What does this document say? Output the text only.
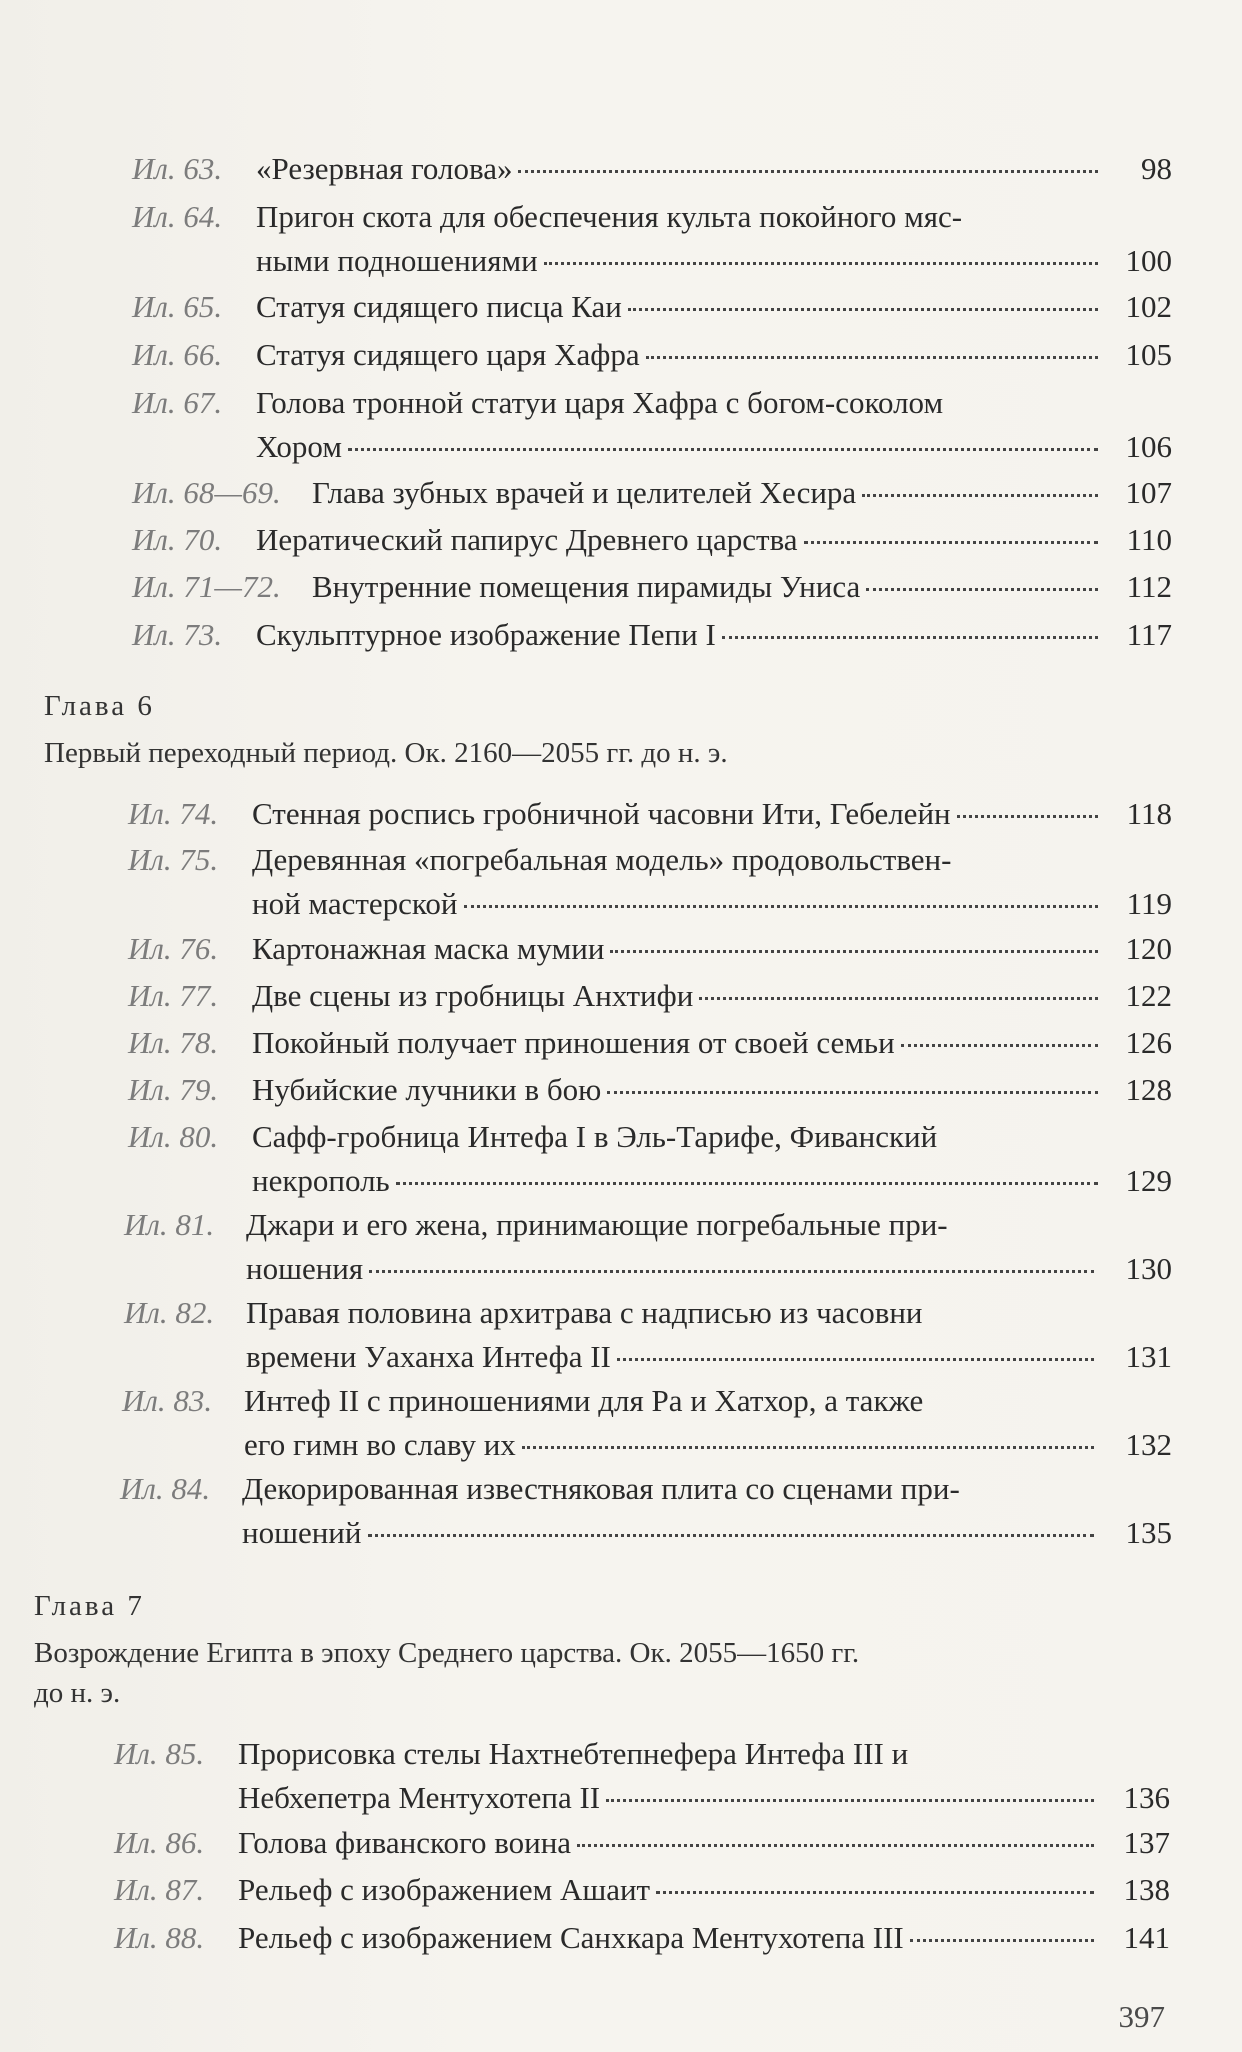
Ил. 63. «Резервная голова»	98
Ил. 64. Пригон скота для обеспечения культа покойного мяс-
ными подношениями	100
Ил. 65. Статуя сидящего писца Каи	102
Ил. 66. Статуя сидящего царя Хафра	105
Ил. 67. Голова тронной статуи царя Хафра с богом-соколом
Хором	106
Ил. 68—69. Глава зубных врачей и целителей Хесира	107
Ил. 70. Иератический папирус Древнего царства	110
Ил. 71—72. Внутренние помещения пирамиды Униса	112
Ил. 73. Скульптурное изображение Пепи I	117
Глава 6
Первый переходный период. Ок. 2160—2055 гг. до н. э.
Ил. 74. Стенная роспись гробничной часовни Ити, Гебелейн	118
Ил. 75. Деревянная «погребальная модель» продовольствен-
ной мастерской	119
Ил. 76. Картонажная маска мумии	120
Ил. 77. Две сцены из гробницы Анхтифи	122
Ил. 78. Покойный получает приношения от своей семьи	126
Ил. 79. Нубийские лучники в бою	128
Ил. 80. Сафф-гробница Интефа I в Эль-Тарифе, Фиванский
некрополь	129
Ил. 81. Джари и его жена, принимающие погребальные при-
ношения	130
Ил. 82. Правая половина архитрава с надписью из часовни
времени Уаханха Интефа II	131
Ил. 83. Интеф II с приношениями для Ра и Хатхор, а также
его гимн во славу их	132
Ил. 84. Декорированная известняковая плита со сценами при-
ношений	135
Глава 7
Возрождение Египта в эпоху Среднего царства. Ок. 2055—1650 гг.
до н. э.
Ил. 85. Прорисовка стелы Нахтнебтепнефера Интефа III и
Небхепетра Ментухотепа II	136
Ил. 86. Голова фиванского воина	137
Ил. 87. Рельеф с изображением Ашаит	138
Ил. 88. Рельеф с изображением Санхкара Ментухотепа III	141
397
